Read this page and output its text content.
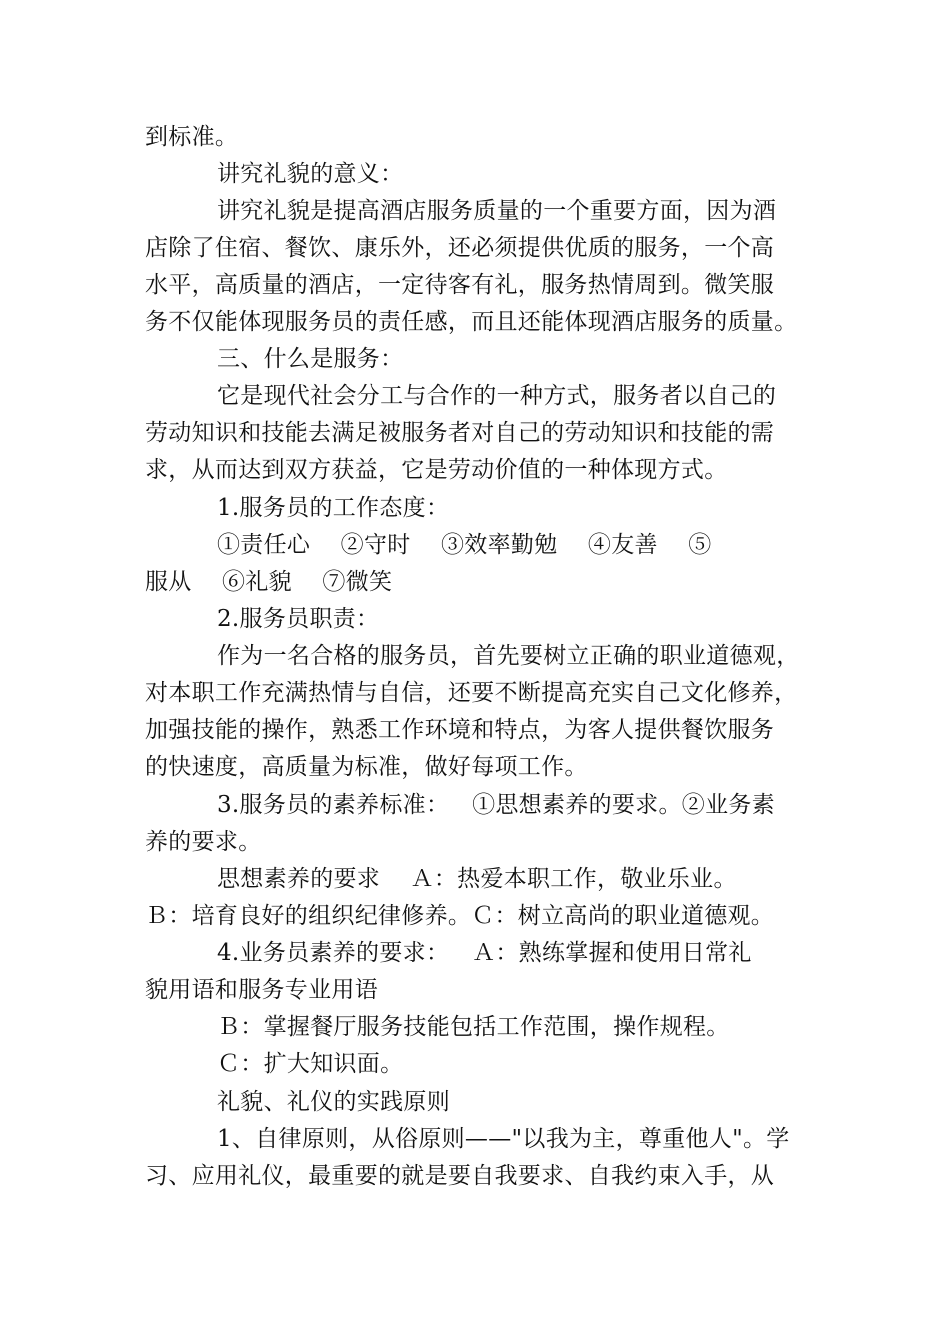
到标准。
讲究礼貌的意义：
讲究礼貌是提高酒店服务质量的一个重要方面，因为酒
店除了住宿、餐饮、康乐外，还必须提供优质的服务，一个高
水平，高质量的酒店，一定待客有礼，服务热情周到。微笑服
务不仅能体现服务员的责任感，而且还能体现酒店服务的质量。
三、什么是服务：
它是现代社会分工与合作的一种方式，服务者以自己的
劳动知识和技能去满足被服务者对自己的劳动知识和技能的需
求，从而达到双方获益，它是劳动价值的一种体现方式。
1.服务员的工作态度：
①责任心    ②守时    ③效率勤勉    ④友善    ⑤
服从    ⑥礼貌    ⑦微笑
2.服务员职责：
作为一名合格的服务员，首先要树立正确的职业道德观，
对本职工作充满热情与自信，还要不断提高充实自己文化修养，
加强技能的操作，熟悉工作环境和特点，为客人提供餐饮服务
的快速度，高质量为标准，做好每项工作。
3.服务员的素养标准：   ①思想素养的要求。②业务素
养的要求。
思想素养的要求    Ａ：热爱本职工作，敬业乐业。
Ｂ：培育良好的组织纪律修养。Ｃ：树立高尚的职业道德观。
4.业务员素养的要求：   Ａ：熟练掌握和使用日常礼
貌用语和服务专业用语
Ｂ：掌握餐厅服务技能包括工作范围，操作规程。
Ｃ：扩大知识面。
礼貌、礼仪的实践原则
1、自律原则，从俗原则——"以我为主，尊重他人"。学
习、应用礼仪，最重要的就是要自我要求、自我约束入手，从
